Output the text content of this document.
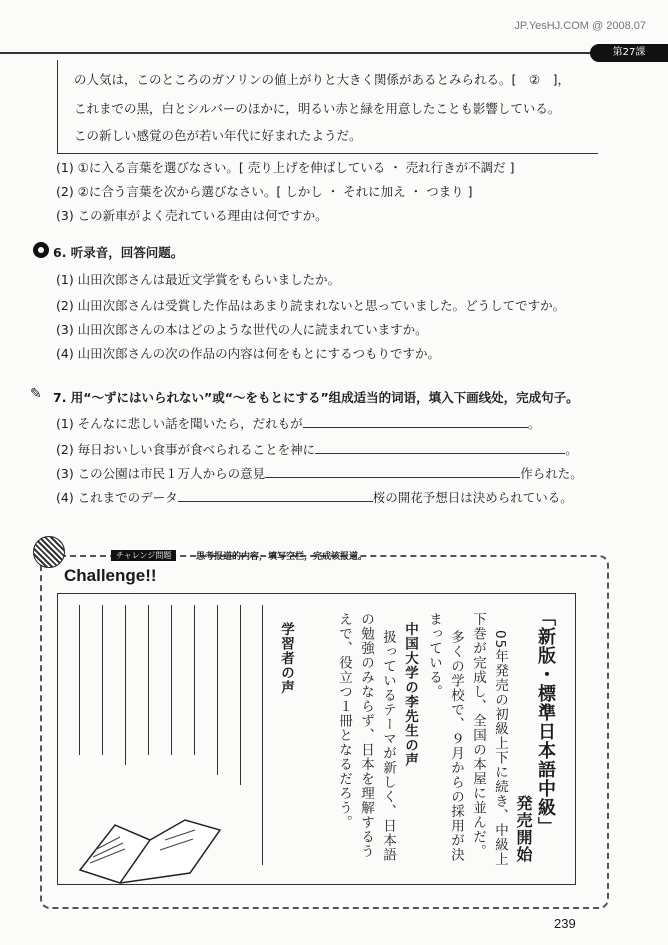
JP.YesHJ.COM @ 2008.07
第27課
の人気は，このところのガソリンの値上がりと大きく関係があるとみられる。[　②　]，
これまでの黒，白とシルバーのほかに，明るい赤と緑を用意したことも影響している。
この新しい感覚の色が若い年代に好まれたようだ。
(1) ①に入る言葉を選びなさい。[ 売り上げを伸ばしている ・ 売れ行きが不調だ ]
(2) ②に合う言葉を次から選びなさい。[ しかし ・ それに加え ・ つまり ]
(3) この新車がよく売れている理由は何ですか。
6. 听录音，回答问题。
(1) 山田次郎さんは最近文学賞をもらいましたか。
(2) 山田次郎さんは受賞した作品はあまり読まれないと思っていました。どうしてですか。
(3) 山田次郎さんの本はどのような世代の人に読まれていますか。
(4) 山田次郎さんの次の作品の内容は何をもとにするつもりですか。
✎ 7. 用“～ずにはいられない”或“～をもとにする”组成适当的词语，填入下画线处，完成句子。
(1) そんなに悲しい話を聞いたら，だれもが	。
(2) 毎日おいしい食事が食べられることを神に	。
(3) この公園は市民１万人からの意見	作られた。
(4) これまでのデータ	桜の開花予想日は決められている。
チャレンジ問題	思考报道的内容，填写空栏，完成该报道。
Challenge!!
「新版・標準日本語中級」
発売開始
05年発売の初級上下に続き、中級上
下巻が完成し、全国の本屋に並んだ。
多くの学校で、９月からの採用が決
まっている。
中国大学の李先生の声
扱っているテーマが新しく、日本語
の勉強のみならず、日本を理解するう
えで、役立つ１冊となるだろう。
学習者の声
239
